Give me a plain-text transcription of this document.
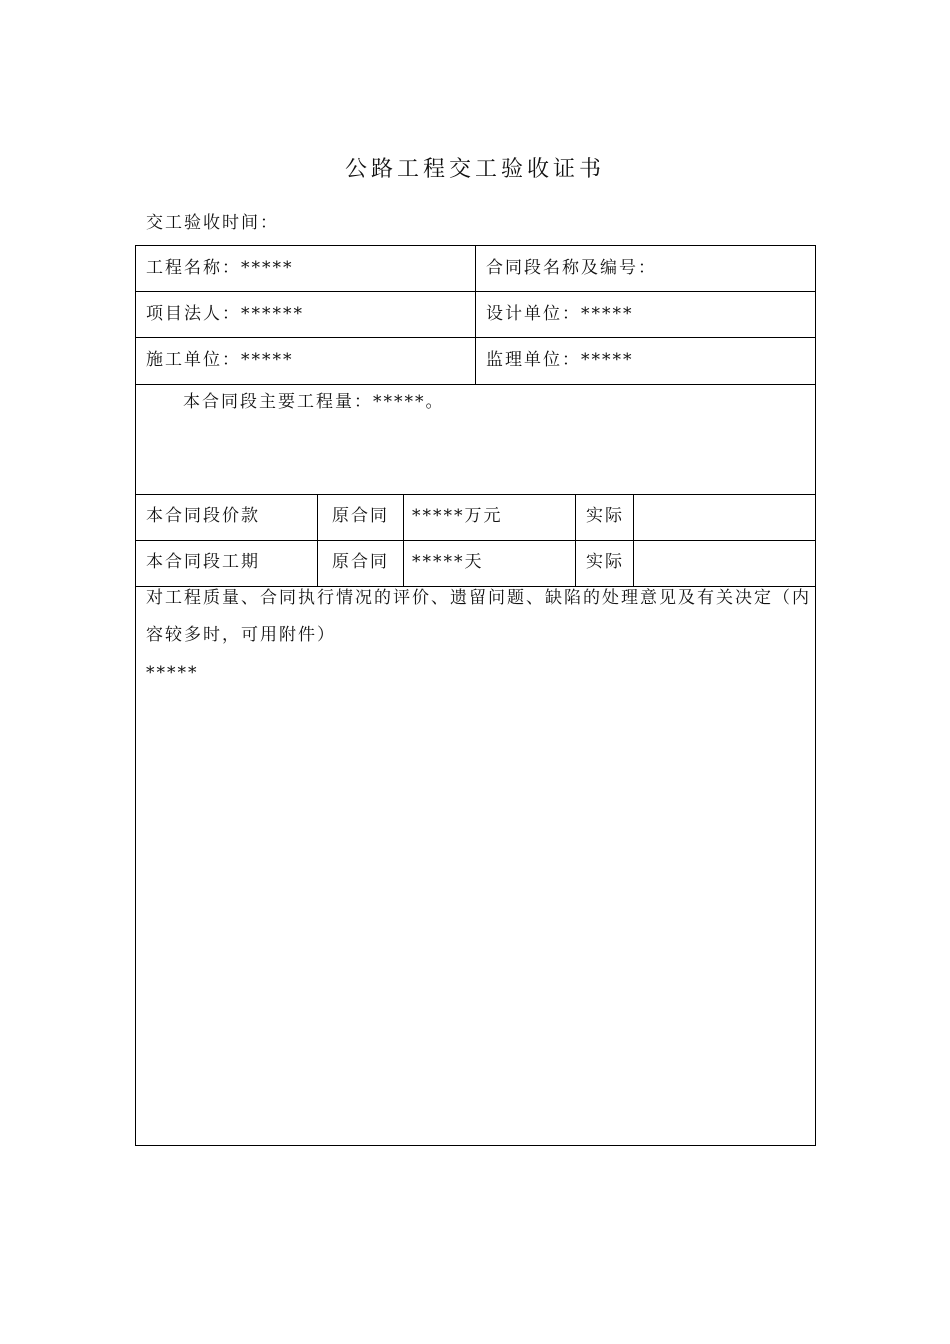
公路工程交工验收证书
交工验收时间：
工程名称：*****	合同段名称及编号：
项目法人：******	设计单位：*****
施工单位：*****	监理单位：*****
本合同段主要工程量：*****。
本合同段价款	原合同 *****万元	实际
本合同段工期	原合同 *****天	实际
对工程质量、合同执行情况的评价、遗留问题、缺陷的处理意见及有关决定（内
容较多时，可用附件）
*****
